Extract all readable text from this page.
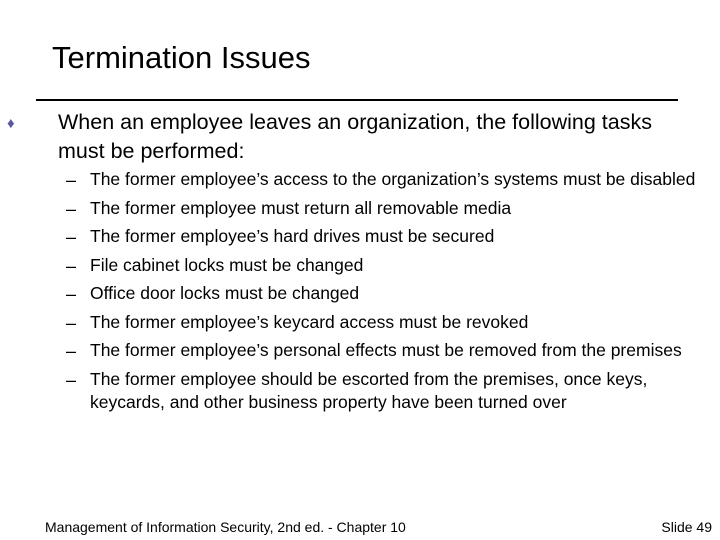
Termination Issues
♦ When an employee leaves an organization, the following tasks must be performed:
– The former employee’s access to the organization’s systems must be disabled
– The former employee must return all removable media
– The former employee’s hard drives must be secured
– File cabinet locks must be changed
– Office door locks must be changed
– The former employee’s keycard access must be revoked
– The former employee’s personal effects must be removed from the premises
– The former employee should be escorted from the premises, once keys, keycards, and other business property have been turned over
Management of Information Security, 2nd ed. - Chapter 10	Slide 49
